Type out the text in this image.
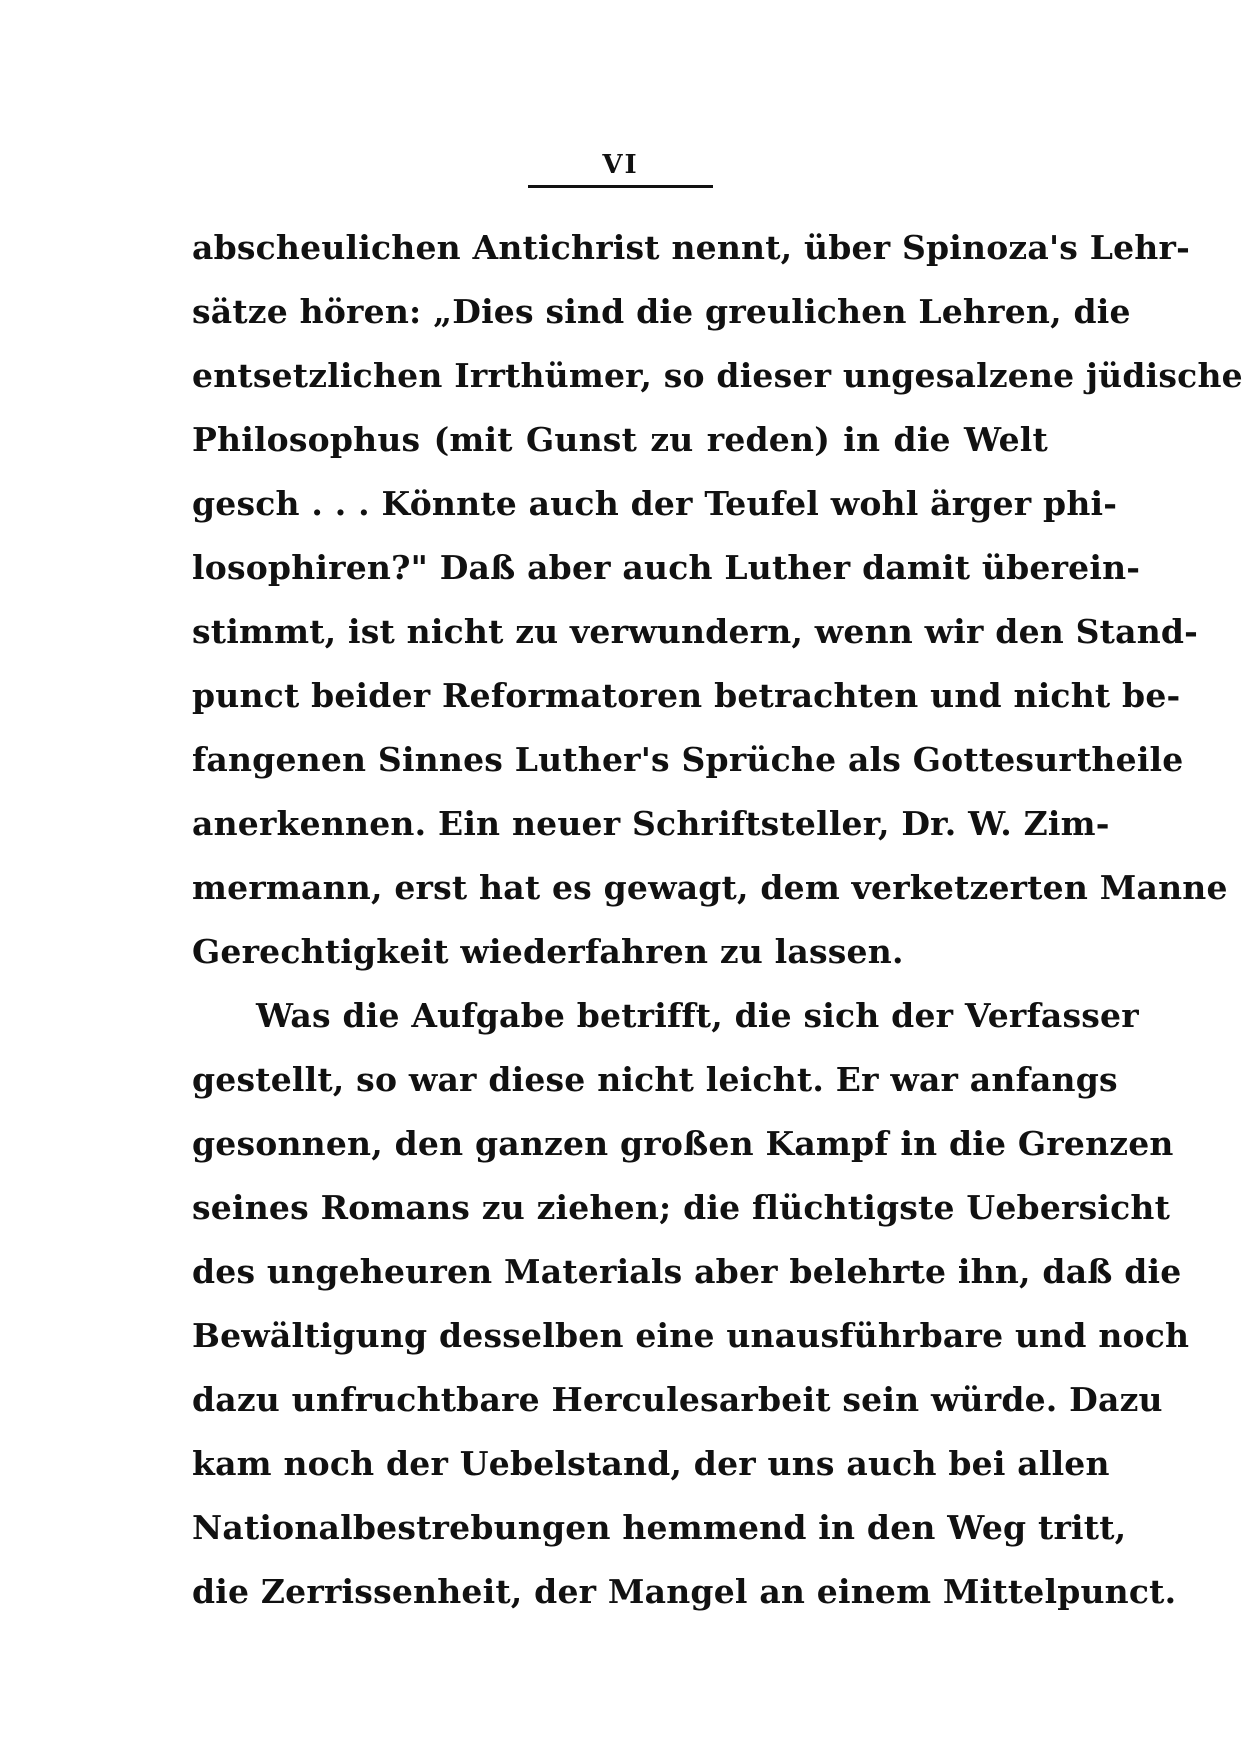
VI
abscheulichen Antichrist nennt, über Spinoza's Lehr-
sätze hören: „Dies sind die greulichen Lehren, die
entsetzlichen Irrthümer, so dieser ungesalzene jüdische
Philosophus (mit Gunst zu reden) in die Welt
gesch . . . Könnte auch der Teufel wohl ärger phi-
losophiren?" Daß aber auch Luther damit überein-
stimmt, ist nicht zu verwundern, wenn wir den Stand-
punct beider Reformatoren betrachten und nicht be-
fangenen Sinnes Luther's Sprüche als Gottesurtheile
anerkennen. Ein neuer Schriftsteller, Dr. W. Zim-
mermann, erst hat es gewagt, dem verketzerten Manne
Gerechtigkeit wiederfahren zu lassen.
Was die Aufgabe betrifft, die sich der Verfasser
gestellt, so war diese nicht leicht. Er war anfangs
gesonnen, den ganzen großen Kampf in die Grenzen
seines Romans zu ziehen; die flüchtigste Uebersicht
des ungeheuren Materials aber belehrte ihn, daß die
Bewältigung desselben eine unausführbare und noch
dazu unfruchtbare Herculesarbeit sein würde. Dazu
kam noch der Uebelstand, der uns auch bei allen
Nationalbestrebungen hemmend in den Weg tritt,
die Zerrissenheit, der Mangel an einem Mittelpunct.
